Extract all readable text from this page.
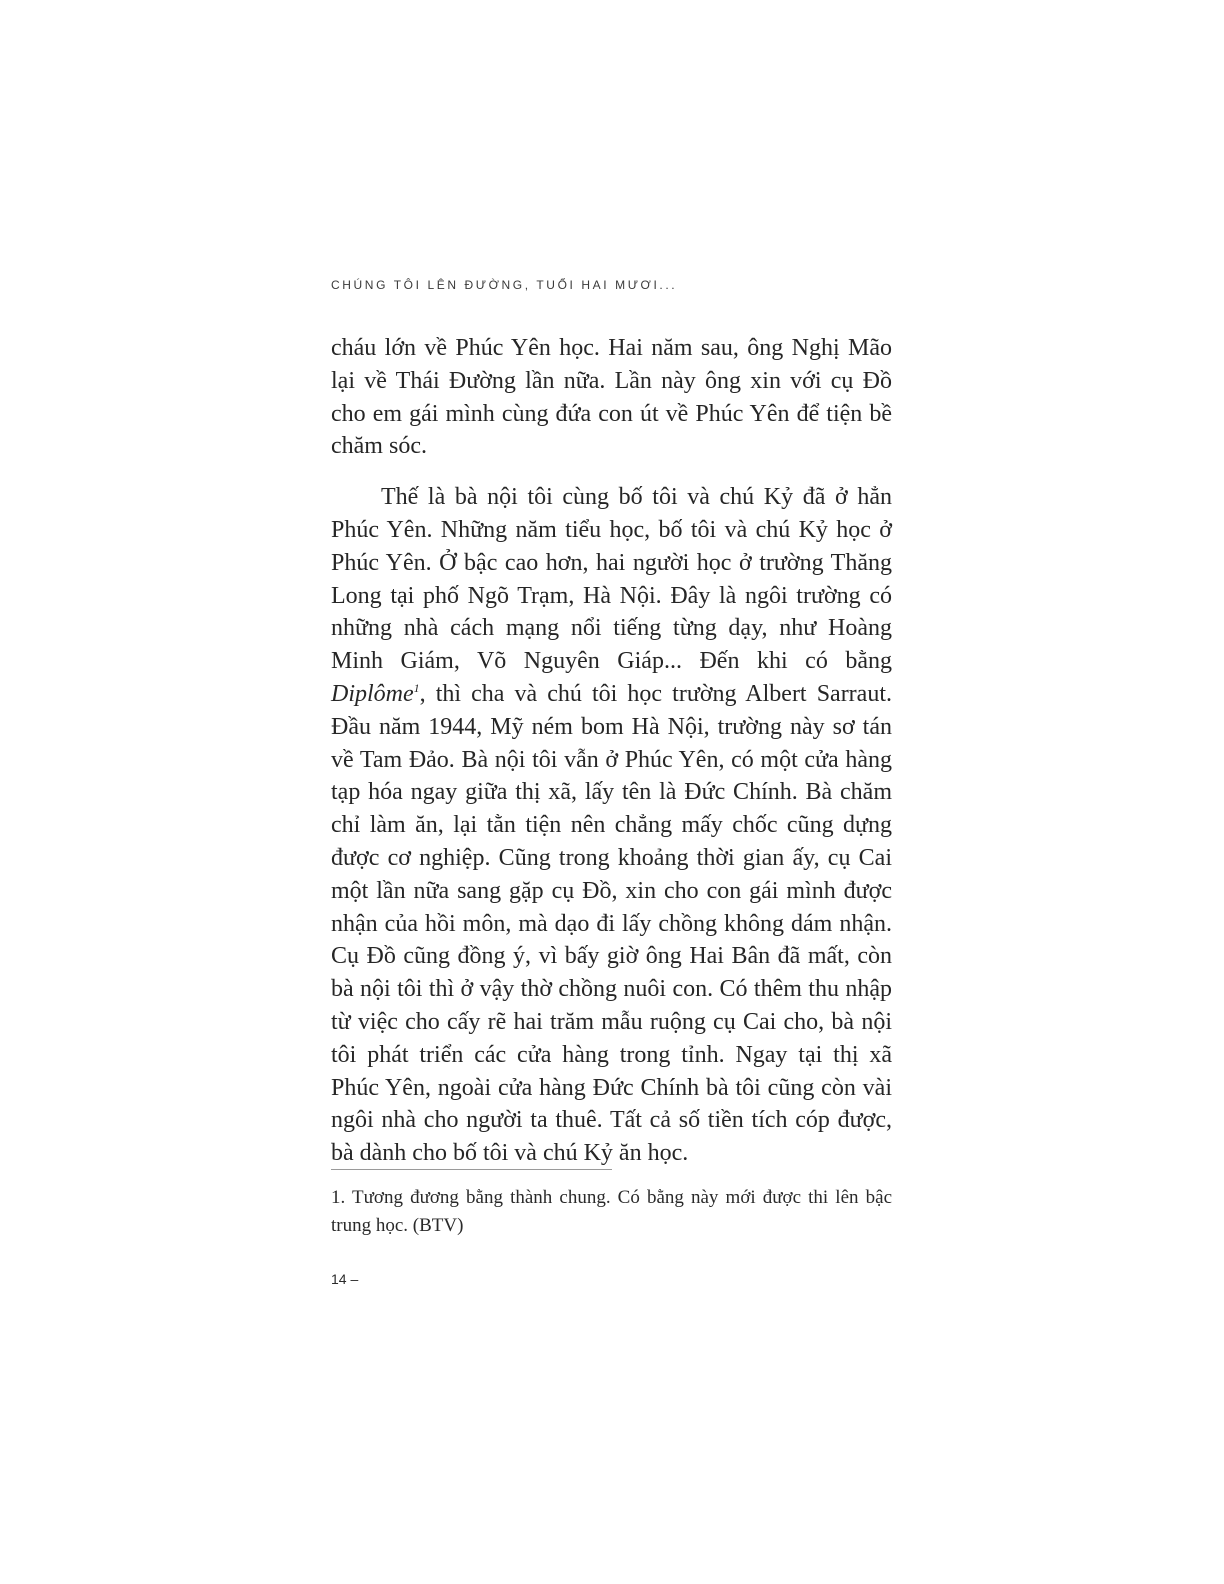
CHÚNG TÔI LÊN ĐƯỜNG, TUỔI HAI MƯƠI...

cháu lớn về Phúc Yên học. Hai năm sau, ông Nghị Mão lại về Thái Đường lần nữa. Lần này ông xin với cụ Đồ cho em gái mình cùng đứa con út về Phúc Yên để tiện bề chăm sóc.

Thế là bà nội tôi cùng bố tôi và chú Kỷ đã ở hẳn Phúc Yên. Những năm tiểu học, bố tôi và chú Kỷ học ở Phúc Yên. Ở bậc cao hơn, hai người học ở trường Thăng Long tại phố Ngõ Trạm, Hà Nội. Đây là ngôi trường có những nhà cách mạng nổi tiếng từng dạy, như Hoàng Minh Giám, Võ Nguyên Giáp... Đến khi có bằng Diplôme$^1$, thì cha và chú tôi học trường Albert Sarraut. Đầu năm 1944, Mỹ ném bom Hà Nội, trường này sơ tán về Tam Đảo. Bà nội tôi vẫn ở Phúc Yên, có một cửa hàng tạp hóa ngay giữa thị xã, lấy tên là Đức Chính. Bà chăm chỉ làm ăn, lại tằn tiện nên chẳng mấy chốc cũng dựng được cơ nghiệp. Cũng trong khoảng thời gian ấy, cụ Cai một lần nữa sang gặp cụ Đồ, xin cho con gái mình được nhận của hồi môn, mà dạo đi lấy chồng không dám nhận. Cụ Đồ cũng đồng ý, vì bấy giờ ông Hai Bân đã mất, còn bà nội tôi thì ở vậy thờ chồng nuôi con. Có thêm thu nhập từ việc cho cấy rẽ hai trăm mẫu ruộng cụ Cai cho, bà nội tôi phát triển các cửa hàng trong tỉnh. Ngay tại thị xã Phúc Yên, ngoài cửa hàng Đức Chính bà tôi cũng còn vài ngôi nhà cho người ta thuê. Tất cả số tiền tích cóp được, bà dành cho bố tôi và chú Kỷ ăn học.

1. Tương đương bằng thành chung. Có bằng này mới được thi lên bậc trung học. (BTV)

14 –
